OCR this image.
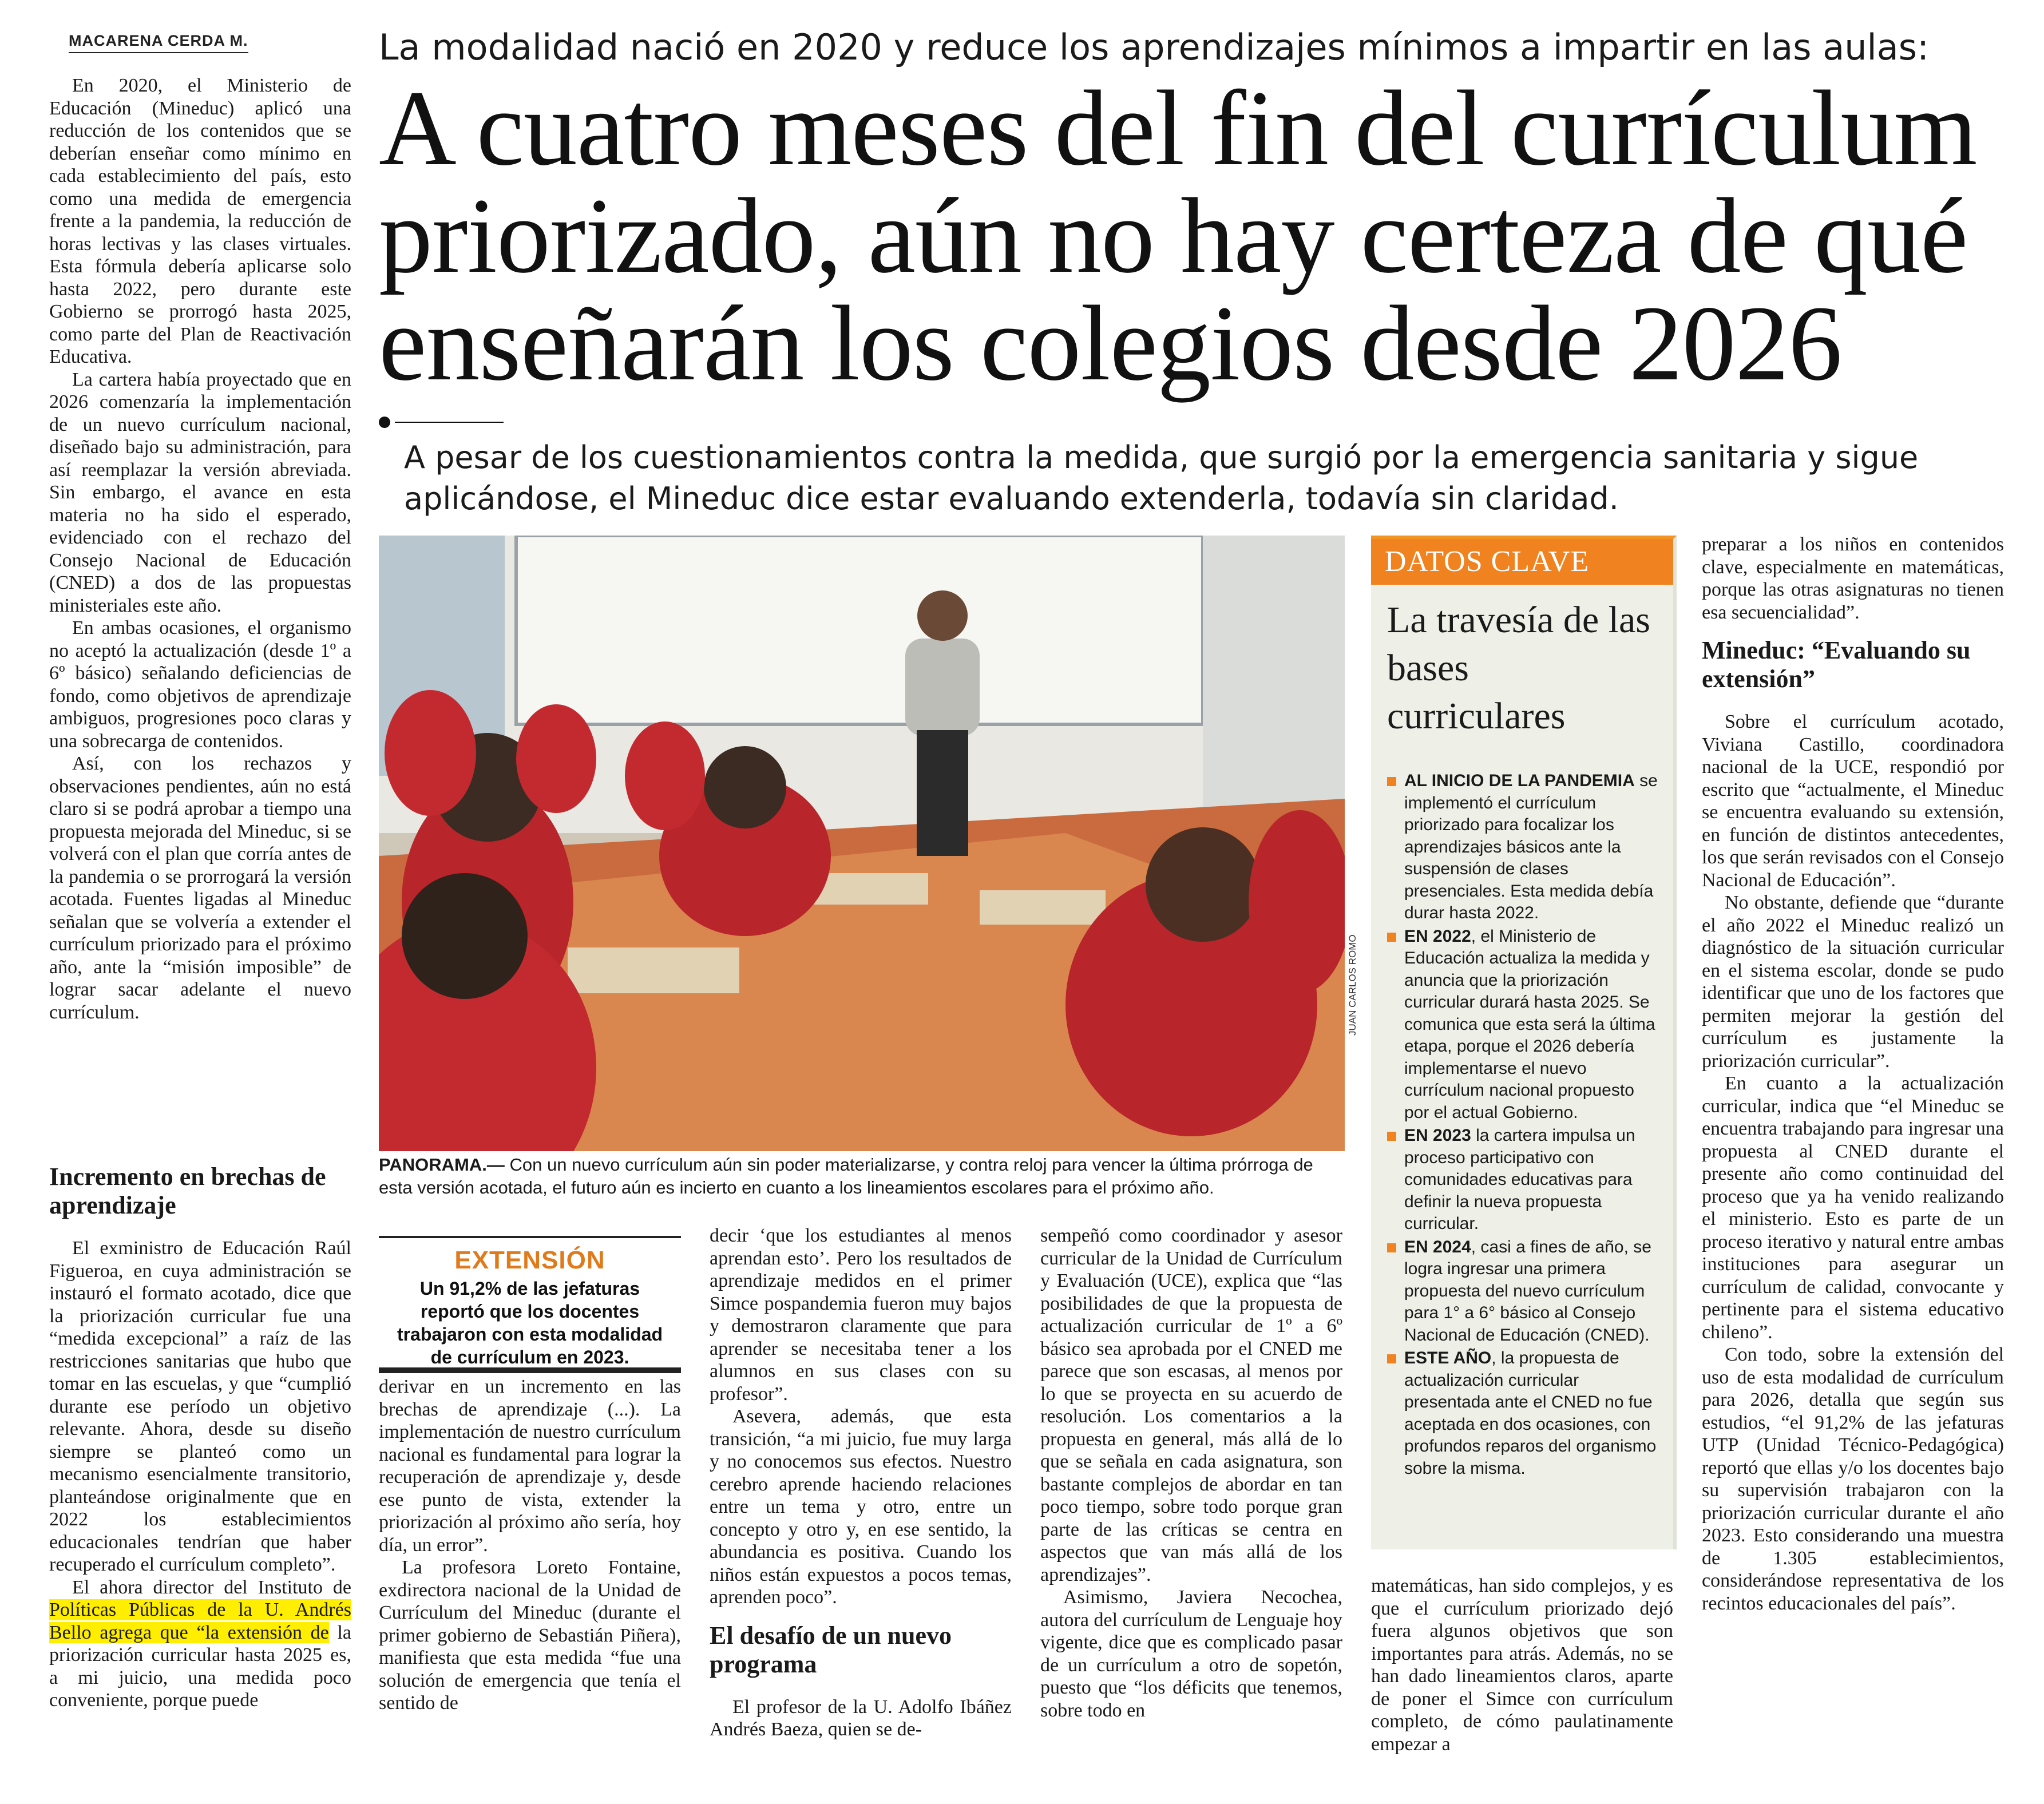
MACARENA CERDA M.	La modalidad nació en 2020 y reduce los aprendizajes mínimos a impartir en las aulas:
A cuatro meses del fin del currículum
priorizado, aún no hay certeza de qué
enseñarán los colegios desde 2026
A pesar de los cuestionamientos contra la medida, que surgió por la emergencia sanitaria y sigue aplicándose, el Mineduc dice estar evaluando extenderla, todavía sin claridad.

En 2020, el Ministerio de Educación (Mineduc) aplicó una reducción de los contenidos que se deberían enseñar como mínimo en cada establecimiento del país, esto como una medida de emergencia frente a la pandemia, la reducción de horas lectivas y las clases virtuales. Esta fórmula debería aplicarse solo hasta 2022, pero durante este Gobierno se prorrogó hasta 2025, como parte del Plan de Reactivación Educativa.

La cartera había proyectado que en 2026 comenzaría la implementación de un nuevo currículum nacional, diseñado bajo su administración, para así reemplazar la versión abreviada. Sin embargo, el avance en esta materia no ha sido el esperado, evidenciado con el rechazo del Consejo Nacional de Educación (CNED) a dos de las propuestas ministeriales este año.

En ambas ocasiones, el organismo no aceptó la actualización (desde 1º a 6º básico) señalando deficiencias de fondo, como objetivos de aprendizaje ambiguos, progresiones poco claras y una sobrecarga de contenidos.

Así, con los rechazos y observaciones pendientes, aún no está claro si se podrá aprobar a tiempo una propuesta mejorada del Mineduc, si se volverá con el plan que corría antes de la pandemia o se prorrogará la versión acotada. Fuentes ligadas al Mineduc señalan que se volvería a extender el currículum priorizado para el próximo año, ante la “misión imposible” de lograr sacar adelante el nuevo currículum.

Incremento en brechas de aprendizaje

El exministro de Educación Raúl Figueroa, en cuya administración se instauró el formato acotado, dice que la priorización curricular fue una “medida excepcional” a raíz de las restricciones sanitarias que hubo que tomar en las escuelas, y que “cumplió durante ese período un objetivo relevante. Ahora, desde su diseño siempre se planteó como un mecanismo esencialmente transitorio, planteándose originalmente que en 2022 los establecimientos educacionales tendrían que haber recuperado el currículum completo”.

El ahora director del Instituto de Políticas Públicas de la U. Andrés Bello agrega que “la extensión de la priorización curricular hasta 2025 es, a mi juicio, una medida poco conveniente, porque puede

JUAN CARLOS ROMO
PANORAMA.— Con un nuevo currículum aún sin poder materializarse, y contra reloj para vencer la última prórroga de esta versión acotada, el futuro aún es incierto en cuanto a los lineamientos escolares para el próximo año.
EXTENSIÓN
Un 91,2% de las jefaturas reportó que los docentes trabajaron con esta modalidad de currículum en 2023.

derivar en un incremento en las brechas de aprendizaje (...). La implementación de nuestro currículum nacional es fundamental para lograr la recuperación de aprendizaje y, desde ese punto de vista, extender la priorización al próximo año sería, hoy día, un error”.

La profesora Loreto Fontaine, exdirectora nacional de la Unidad de Currículum del Mineduc (durante el primer gobierno de Sebastián Piñera), manifiesta que esta medida “fue una solución de emergencia que tenía el sentido de

decir ‘que los estudiantes al menos aprendan esto’. Pero los resultados de aprendizaje medidos en el primer Simce pospandemia fueron muy bajos y demostraron claramente que para aprender se necesitaba tener a los alumnos en sus clases con su profesor”.

Asevera, además, que esta transición, “a mi juicio, fue muy larga y no conocemos sus efectos. Nuestro cerebro aprende haciendo relaciones entre un tema y otro, entre un concepto y otro y, en ese sentido, la abundancia es positiva. Cuando los niños están expuestos a pocos temas, aprenden poco”.

El desafío de un nuevo programa

El profesor de la U. Adolfo Ibáñez Andrés Baeza, quien se de-

sempeñó como coordinador y asesor curricular de la Unidad de Currículum y Evaluación (UCE), explica que “las posibilidades de que la propuesta de actualización curricular de 1º a 6º básico sea aprobada por el CNED me parece que son escasas, al menos por lo que se proyecta en su acuerdo de resolución. Los comentarios a la propuesta en general, más allá de lo que se señala en cada asignatura, son bastante complejos de abordar en tan poco tiempo, sobre todo porque gran parte de las críticas se centra en aspectos que van más allá de los aprendizajes”.

Asimismo, Javiera Necochea, autora del currículum de Lenguaje hoy vigente, dice que es complicado pasar de un currículum a otro de sopetón, puesto que “los déficits que tenemos, sobre todo en

DATOS CLAVE
La travesía de las bases curriculares
AL INICIO DE LA PANDEMIA se implementó el currículum priorizado para focalizar los aprendizajes básicos ante la suspensión de clases presenciales. Esta medida debía durar hasta 2022.
EN 2022, el Ministerio de Educación actualiza la medida y anuncia que la priorización curricular durará hasta 2025. Se comunica que esta será la última etapa, porque el 2026 debería implementarse el nuevo currículum nacional propuesto por el actual Gobierno.
EN 2023 la cartera impulsa un proceso participativo con comunidades educativas para definir la nueva propuesta curricular.
EN 2024, casi a fines de año, se logra ingresar una primera propuesta del nuevo currículum para 1° a 6° básico al Consejo Nacional de Educación (CNED).
ESTE AÑO, la propuesta de actualización curricular presentada ante el CNED no fue aceptada en dos ocasiones, con profundos reparos del organismo sobre la misma.

matemáticas, han sido complejos, y es que el currículum priorizado dejó fuera algunos objetivos que son importantes para atrás. Además, no se han dado lineamientos claros, aparte de poner el Simce con currículum completo, de cómo paulatinamente empezar a

preparar a los niños en contenidos clave, especialmente en matemáticas, porque las otras asignaturas no tienen esa secuencialidad”.

Mineduc: “Evaluando su extensión”

Sobre el currículum acotado, Viviana Castillo, coordinadora nacional de la UCE, respondió por escrito que “actualmente, el Mineduc se encuentra evaluando su extensión, en función de distintos antecedentes, los que serán revisados con el Consejo Nacional de Educación”.

No obstante, defiende que “durante el año 2022 el Mineduc realizó un diagnóstico de la situación curricular en el sistema escolar, donde se pudo identificar que uno de los factores que permiten mejorar la gestión del currículum es justamente la priorización curricular”.

En cuanto a la actualización curricular, indica que “el Mineduc se encuentra trabajando para ingresar una propuesta al CNED durante el presente año como continuidad del proceso que ya ha venido realizando el ministerio. Esto es parte de un proceso iterativo y natural entre ambas instituciones para asegurar un currículum de calidad, convocante y pertinente para el sistema educativo chileno”.

Con todo, sobre la extensión del uso de esta modalidad de currículum para 2026, detalla que según sus estudios, “el 91,2% de las jefaturas UTP (Unidad Técnico-Pedagógica) reportó que ellas y/o los docentes bajo su supervisión trabajaron con la priorización curricular durante el año 2023. Esto considerando una muestra de 1.305 establecimientos, considerándose representativa de los recintos educacionales del país”.
